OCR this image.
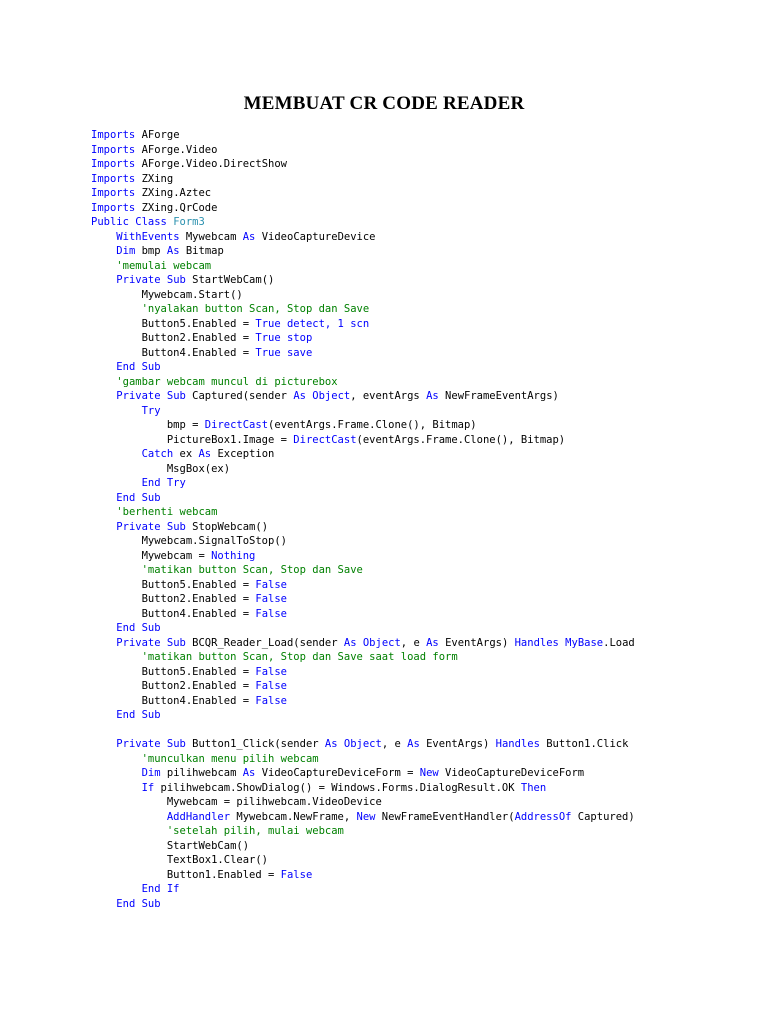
MEMBUAT CR CODE READER
Imports AForge
Imports AForge.Video
Imports AForge.Video.DirectShow
Imports ZXing
Imports ZXing.Aztec
Imports ZXing.QrCode
Public Class Form3
WithEvents Mywebcam As VideoCaptureDevice
Dim bmp As Bitmap
'memulai webcam
Private Sub StartWebCam()
Mywebcam.Start()
'nyalakan button Scan, Stop dan Save
Button5.Enabled = True detect, 1 scn
Button2.Enabled = True stop
Button4.Enabled = True save
End Sub
'gambar webcam muncul di picturebox
Private Sub Captured(sender As Object, eventArgs As NewFrameEventArgs)
Try
bmp = DirectCast(eventArgs.Frame.Clone(), Bitmap)
PictureBox1.Image = DirectCast(eventArgs.Frame.Clone(), Bitmap)
Catch ex As Exception
MsgBox(ex)
End Try
End Sub
'berhenti webcam
Private Sub StopWebcam()
Mywebcam.SignalToStop()
Mywebcam = Nothing
'matikan button Scan, Stop dan Save
Button5.Enabled = False
Button2.Enabled = False
Button4.Enabled = False
End Sub
Private Sub BCQR_Reader_Load(sender As Object, e As EventArgs) Handles MyBase.Load
'matikan button Scan, Stop dan Save saat load form
Button5.Enabled = False
Button2.Enabled = False
Button4.Enabled = False
End Sub
Private Sub Button1_Click(sender As Object, e As EventArgs) Handles Button1.Click
'munculkan menu pilih webcam
Dim pilihwebcam As VideoCaptureDeviceForm = New VideoCaptureDeviceForm
If pilihwebcam.ShowDialog() = Windows.Forms.DialogResult.OK Then
Mywebcam = pilihwebcam.VideoDevice
AddHandler Mywebcam.NewFrame, New NewFrameEventHandler(AddressOf Captured)
'setelah pilih, mulai webcam
StartWebCam()
TextBox1.Clear()
Button1.Enabled = False
End If
End Sub
